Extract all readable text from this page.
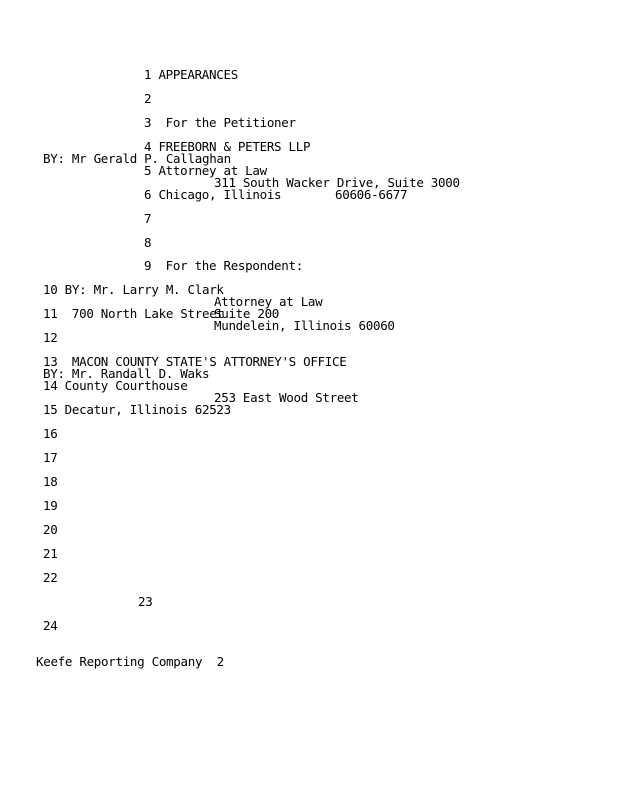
1 APPEARANCES
2
3  For the Petitioner
4 FREEBORN & PETERS LLP
BY: Mr Gerald P. Callaghan
5 Attorney at Law
311 South Wacker Drive, Suite 3000
6 Chicago, Illinois	60606-6677
7
8
9  For the Respondent:
10 BY: Mr. Larry M. Clark
Attorney at Law
11  700 North Lake Street
Suite 200
Mundelein, Illinois 60060
12
13  MACON COUNTY STATE'S ATTORNEY'S OFFICE
BY: Mr. Randall D. Waks
14 County Courthouse
253 East Wood Street
15 Decatur, Illinois 62523
16
17
18
19
20
21
22
23
24
Keefe Reporting Company  2
